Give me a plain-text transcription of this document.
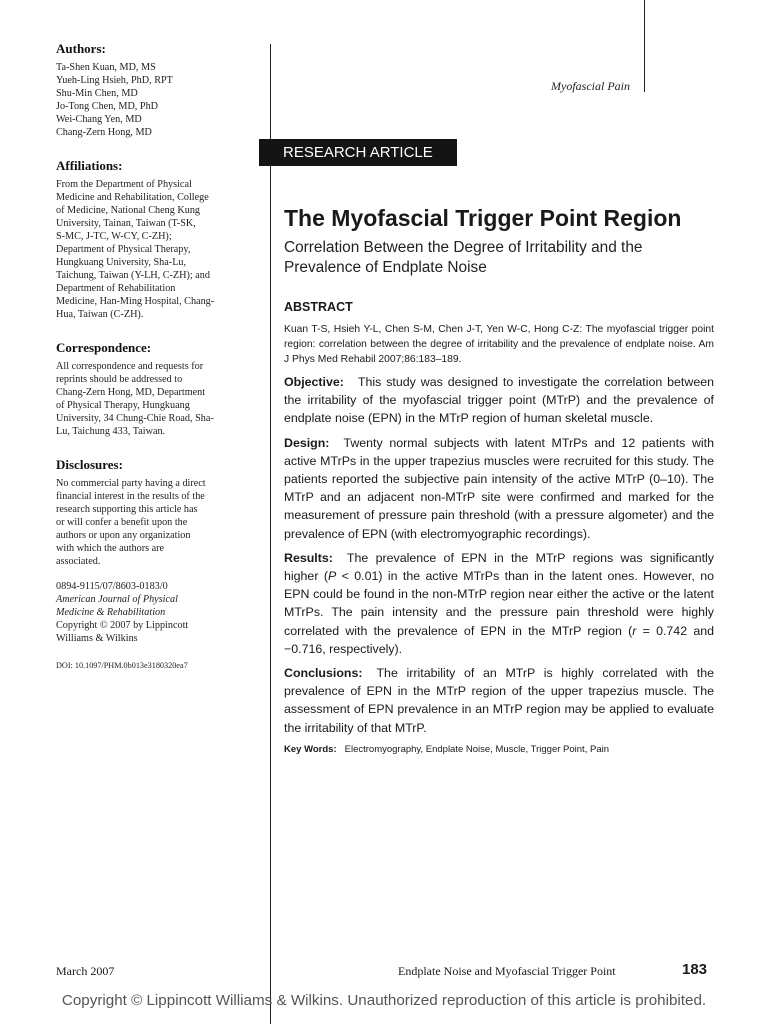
Authors:
Ta-Shen Kuan, MD, MS
Yueh-Ling Hsieh, PhD, RPT
Shu-Min Chen, MD
Jo-Tong Chen, MD, PhD
Wei-Chang Yen, MD
Chang-Zern Hong, MD
Affiliations:
From the Department of Physical
Medicine and Rehabilitation, College
of Medicine, National Cheng Kung
University, Tainan, Taiwan (T-SK,
S-MC, J-TC, W-CY, C-ZH);
Department of Physical Therapy,
Hungkuang University, Sha-Lu,
Taichung, Taiwan (Y-LH, C-ZH); and
Department of Rehabilitation
Medicine, Han-Ming Hospital, Chang-
Hua, Taiwan (C-ZH).
Correspondence:
All correspondence and requests for
reprints should be addressed to
Chang-Zern Hong, MD, Department
of Physical Therapy, Hungkuang
University, 34 Chung-Chie Road, Sha-
Lu, Taichung 433, Taiwan.
Disclosures:
No commercial party having a direct
financial interest in the results of the
research supporting this article has
or will confer a benefit upon the
authors or upon any organization
with which the authors are
associated.
0894-9115/07/8603-0183/0
American Journal of Physical
Medicine & Rehabilitation
Copyright © 2007 by Lippincott
Williams & Wilkins
DOI: 10.1097/PHM.0b013e3180320ea7
Myofascial Pain
RESEARCH ARTICLE
The Myofascial Trigger Point Region
Correlation Between the Degree of Irritability and the Prevalence of Endplate Noise
ABSTRACT

Kuan T-S, Hsieh Y-L, Chen S-M, Chen J-T, Yen W-C, Hong C-Z: The myofascial trigger point region: correlation between the degree of irritability and the prevalence of endplate noise. Am J Phys Med Rehabil 2007;86:183–189.

Objective: This study was designed to investigate the correlation between the irritability of the myofascial trigger point (MTrP) and the prevalence of endplate noise (EPN) in the MTrP region of human skeletal muscle.

Design: Twenty normal subjects with latent MTrPs and 12 patients with active MTrPs in the upper trapezius muscles were recruited for this study. The patients reported the subjective pain intensity of the active MTrP (0–10). The MTrP and an adjacent non-MTrP site were confirmed and marked for the measurement of pressure pain threshold (with a pressure algometer) and the prevalence of EPN (with electromyographic recordings).

Results: The prevalence of EPN in the MTrP regions was significantly higher (P < 0.01) in the active MTrPs than in the latent ones. However, no EPN could be found in the non-MTrP region near either the active or the latent MTrPs. The pain intensity and the pressure pain threshold were highly correlated with the prevalence of EPN in the MTrP region (r = 0.742 and −0.716, respectively).

Conclusions: The irritability of an MTrP is highly correlated with the prevalence of EPN in the MTrP region of the upper trapezius muscle. The assessment of EPN prevalence in an MTrP region may be applied to evaluate the irritability of that MTrP.

Key Words: Electromyography, Endplate Noise, Muscle, Trigger Point, Pain
March 2007	Endplate Noise and Myofascial Trigger Point	183
Copyright © Lippincott Williams & Wilkins. Unauthorized reproduction of this article is prohibited.
